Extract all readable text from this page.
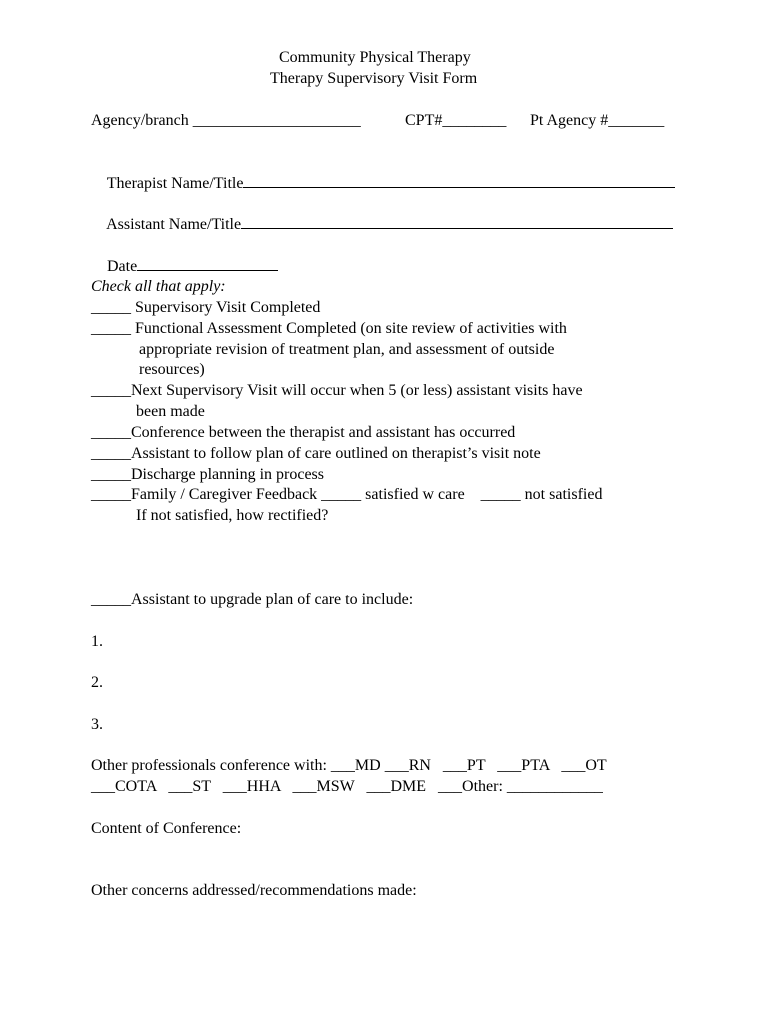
Community Physical Therapy
Therapy Supervisory Visit Form
Agency/branch _____________________	CPT#________ Pt Agency #_______

Therapist Name/Title

Assistant Name/Title

Date

Check all that apply:
_____ Supervisory Visit Completed
_____ Functional Assessment Completed (on site review of activities with
appropriate revision of treatment plan, and assessment of outside
resources)
_____Next Supervisory Visit will occur when 5 (or less) assistant visits have
been made
_____Conference between the therapist and assistant has occurred
_____Assistant to follow plan of care outlined on therapist’s visit note
_____Discharge planning in process
_____Family / Caregiver Feedback _____ satisfied w care    _____ not satisfied
If not satisfied, how rectified?
_____Assistant to upgrade plan of care to include:
1.
2.
3.
Other professionals conference with: ___MD ___RN   ___PT   ___PTA   ___OT
___COTA   ___ST   ___HHA   ___MSW   ___DME   ___Other: ____________
Content of Conference:
Other concerns addressed/recommendations made:
